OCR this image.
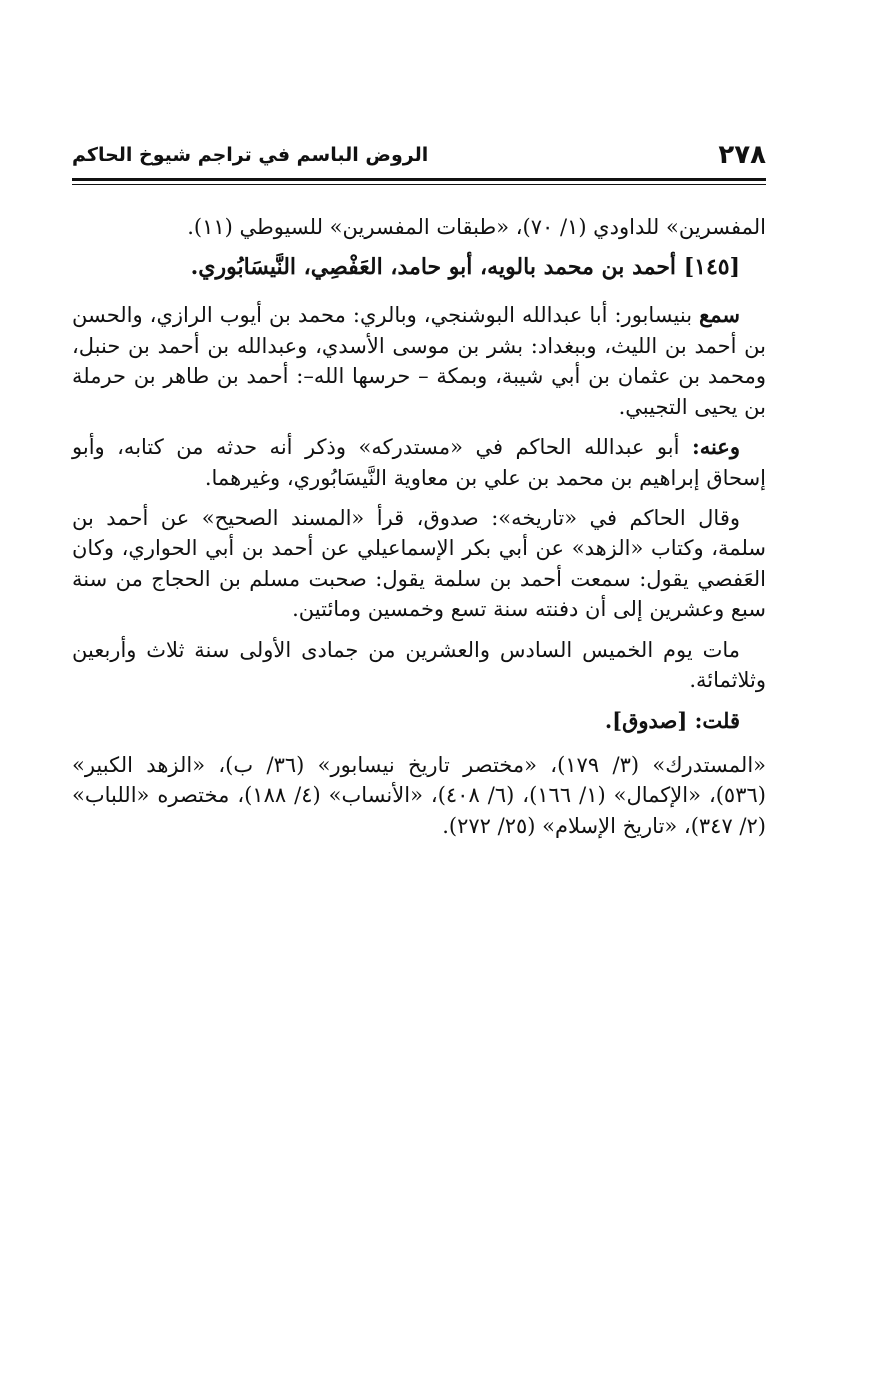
٢٧٨
الروض الباسم في تراجم شيوخ الحاكم

المفسرين» للداودي (١/ ٧٠)، «طبقات المفسرين» للسيوطي (١١).

[١٤٥] أحمد بن محمد بالويه، أبو حامد، العَفْصِي، النَّيسَابُوري.

سمع بنيسابور: أبا عبدالله البوشنجي، وبالري: محمد بن أيوب الرازي، والحسن بن أحمد بن الليث، وببغداد: بشر بن موسى الأسدي، وعبدالله بن أحمد بن حنبل، ومحمد بن عثمان بن أبي شيبة، وبمكة – حرسها الله–: أحمد بن طاهر بن حرملة بن يحيى التجيبي.

وعنه: أبو عبدالله الحاكم في «مستدركه» وذكر أنه حدثه من كتابه، وأبو إسحاق إبراهيم بن محمد بن علي بن معاوية النَّيسَابُوري، وغيرهما.

وقال الحاكم في «تاريخه»: صدوق، قرأ «المسند الصحيح» عن أحمد بن سلمة، وكتاب «الزهد» عن أبي بكر الإسماعيلي عن أحمد بن أبي الحواري، وكان العَفصي يقول: سمعت أحمد بن سلمة يقول: صحبت مسلم بن الحجاج من سنة سبع وعشرين إلى أن دفنته سنة تسع وخمسين ومائتين.

مات يوم الخميس السادس والعشرين من جمادى الأولى سنة ثلاث وأربعين وثلاثمائة.

قلت: [صدوق].

«المستدرك» (٣/ ١٧٩)، «مختصر تاريخ نيسابور» (٣٦/ ب)، «الزهد الكبير» (٥٣٦)، «الإكمال» (١/ ١٦٦)، (٦/ ٤٠٨)، «الأنساب» (٤/ ١٨٨)، مختصره «اللباب» (٢/ ٣٤٧)، «تاريخ الإسلام» (٢٥/ ٢٧٢).
